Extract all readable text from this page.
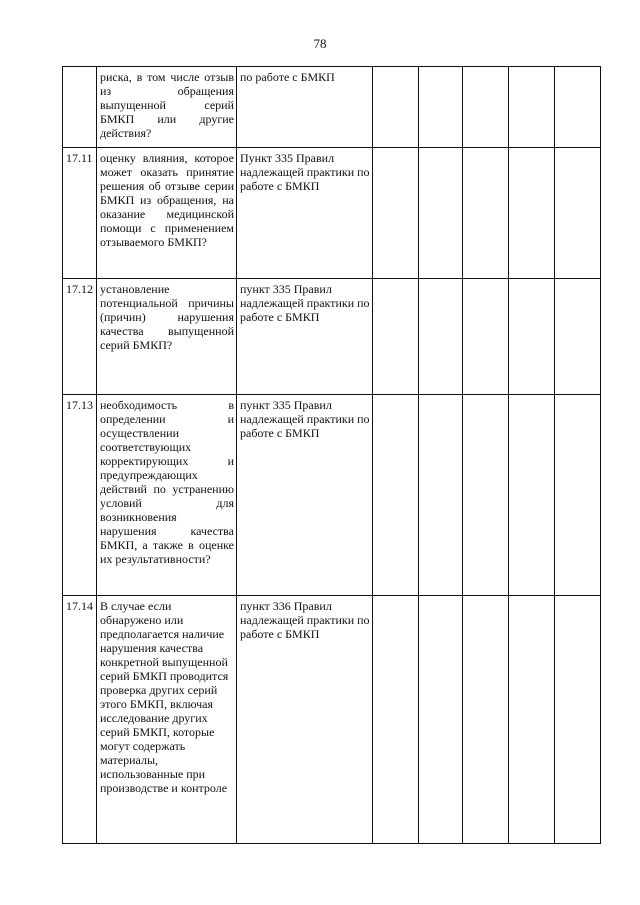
78
	риска, в том числе отзыв из обращения выпущенной серий БМКП или другие действия?	по работе с БМКП					
17.11	оценку влияния, которое может оказать принятие решения об отзыве серии БМКП из обращения, на оказание медицинской помощи с применением отзываемого БМКП?	Пункт 335 Правил надлежащей практики по работе с БМКП					
17.12	установление потенциальной причины (причин) нарушения качества выпущенной серий БМКП?	пункт 335 Правил надлежащей практики по работе с БМКП					
17.13	необходимость в определении и осуществлении соответствующих корректирующих и предупреждающих действий по устранению условий для возникновения нарушения качества БМКП, а также в оценке их результативности?	пункт 335 Правил надлежащей практики по работе с БМКП					
17.14	В случае если обнаружено или предполагается наличие нарушения качества конкретной выпущенной серий БМКП проводится проверка других серий этого БМКП, включая исследование других серий БМКП, которые могут содержать материалы, использованные при производстве и контроле	пункт 336 Правил надлежащей практики по работе с БМКП					
